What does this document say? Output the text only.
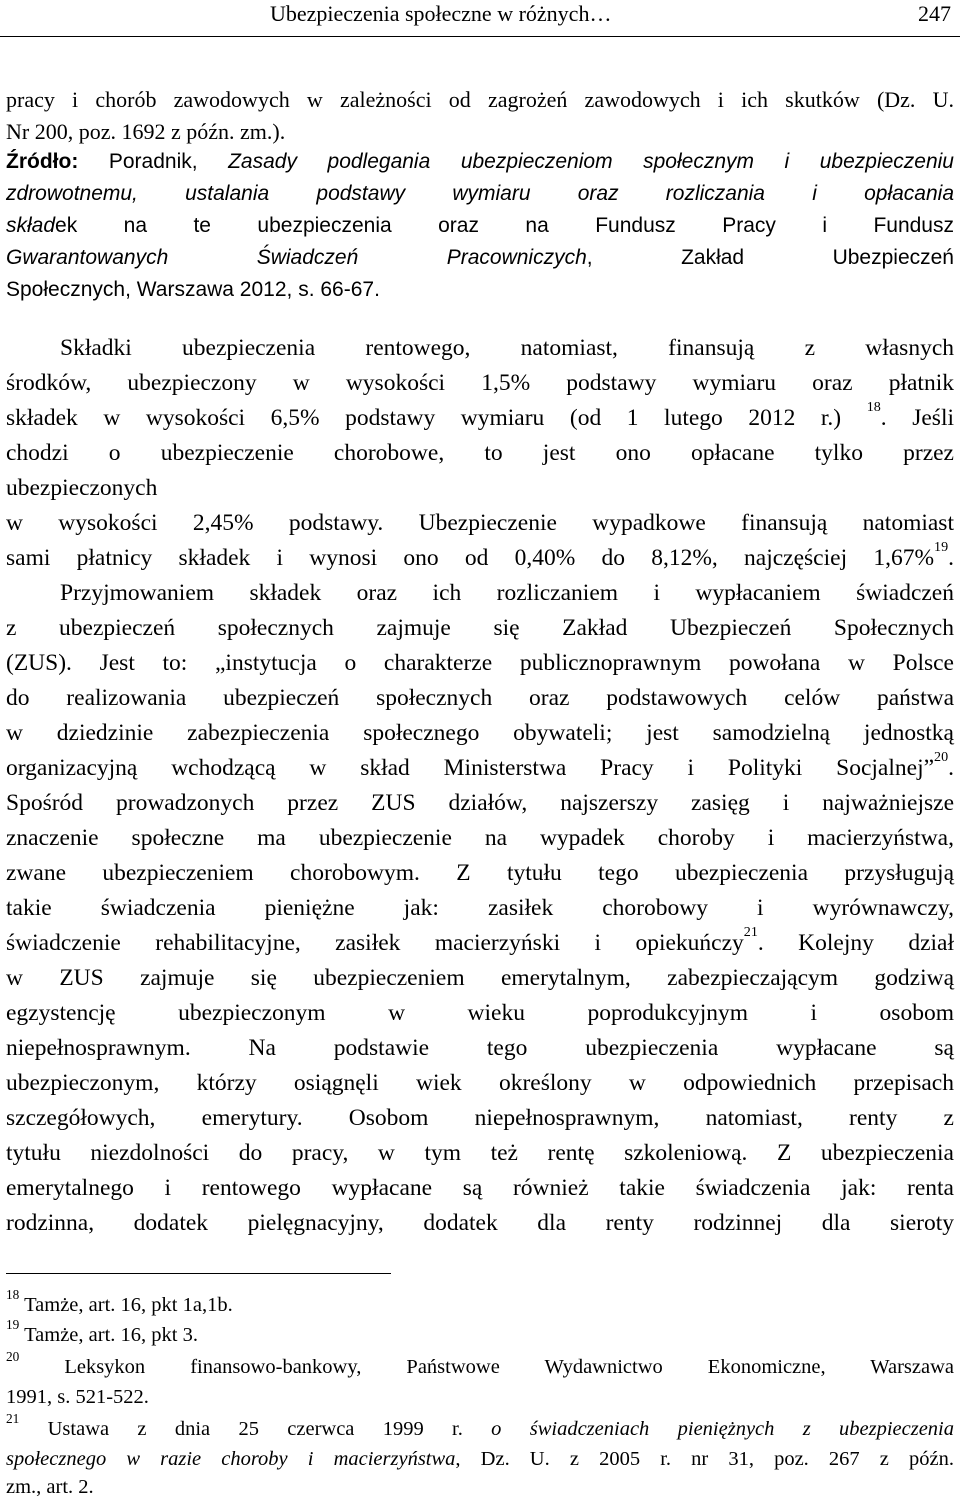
Ubezpieczenia społeczne w różnych…	247
pracy i chorób zawodowych w zależności od zagrożeń zawodowych i ich skutków (Dz. U.
Nr 200, poz. 1692 z późn. zm.).
Źródło: Poradnik, Zasady podlegania ubezpieczeniom społecznym i ubezpieczeniu
zdrowotnemu, ustalania podstawy wymiaru oraz rozliczania i opłacania
składek na te ubezpieczenia oraz na Fundusz Pracy i Fundusz
Gwarantowanych Świadczeń Pracowniczych, Zakład Ubezpieczeń
Społecznych, Warszawa 2012, s. 66-67.
Składki ubezpieczenia rentowego, natomiast, finansują z własnych
środków, ubezpieczony w wysokości 1,5% podstawy wymiaru oraz płatnik
składek w wysokości 6,5% podstawy wymiaru (od 1 lutego 2012 r.) $^{18}$. Jeśli
chodzi o ubezpieczenie chorobowe, to jest ono opłacane tylko przez
ubezpieczonych
w wysokości 2,45% podstawy. Ubezpieczenie wypadkowe finansują natomiast
sami płatnicy składek i wynosi ono od 0,40% do 8,12%, najczęściej 1,67%$^{19}$.
Przyjmowaniem składek oraz ich rozliczaniem i wypłacaniem świadczeń
z ubezpieczeń społecznych zajmuje się Zakład Ubezpieczeń Społecznych
(ZUS). Jest to: „instytucja o charakterze publicznoprawnym powołana w Polsce
do realizowania ubezpieczeń społecznych oraz podstawowych celów państwa
w dziedzinie zabezpieczenia społecznego obywateli; jest samodzielną jednostką
organizacyjną wchodzącą w skład Ministerstwa Pracy i Polityki Socjalnej”$^{20}$.
Spośród prowadzonych przez ZUS działów, najszerszy zasięg i najważniejsze
znaczenie społeczne ma ubezpieczenie na wypadek choroby i macierzyństwa,
zwane ubezpieczeniem chorobowym. Z tytułu tego ubezpieczenia przysługują
takie świadczenia pieniężne jak: zasiłek chorobowy i wyrównawczy,
świadczenie rehabilitacyjne, zasiłek macierzyński i opiekuńczy$^{21}$. Kolejny dział
w ZUS zajmuje się ubezpieczeniem emerytalnym, zabezpieczającym godziwą
egzystencję ubezpieczonym w wieku poprodukcyjnym i osobom
niepełnosprawnym. Na podstawie tego ubezpieczenia wypłacane są
ubezpieczonym, którzy osiągnęli wiek określony w odpowiednich przepisach
szczegółowych, emerytury. Osobom niepełnosprawnym, natomiast, renty z
tytułu niezdolności do pracy, w tym też rentę szkoleniową. Z ubezpieczenia
emerytalnego i rentowego wypłacane są również takie świadczenia jak: renta
rodzinna, dodatek pielęgnacyjny, dodatek dla renty rodzinnej dla sieroty
$^{18}$ Tamże, art. 16, pkt 1a,1b.
$^{19}$ Tamże, art. 16, pkt 3.
$^{20}$ Leksykon finansowo-bankowy, Państwowe Wydawnictwo Ekonomiczne, Warszawa
1991, s. 521-522.
$^{21}$ Ustawa z dnia 25 czerwca 1999 r. o świadczeniach pieniężnych z ubezpieczenia
społecznego w razie choroby i macierzyństwa, Dz. U. z 2005 r. nr 31, poz. 267 z późn.
zm., art. 2.
